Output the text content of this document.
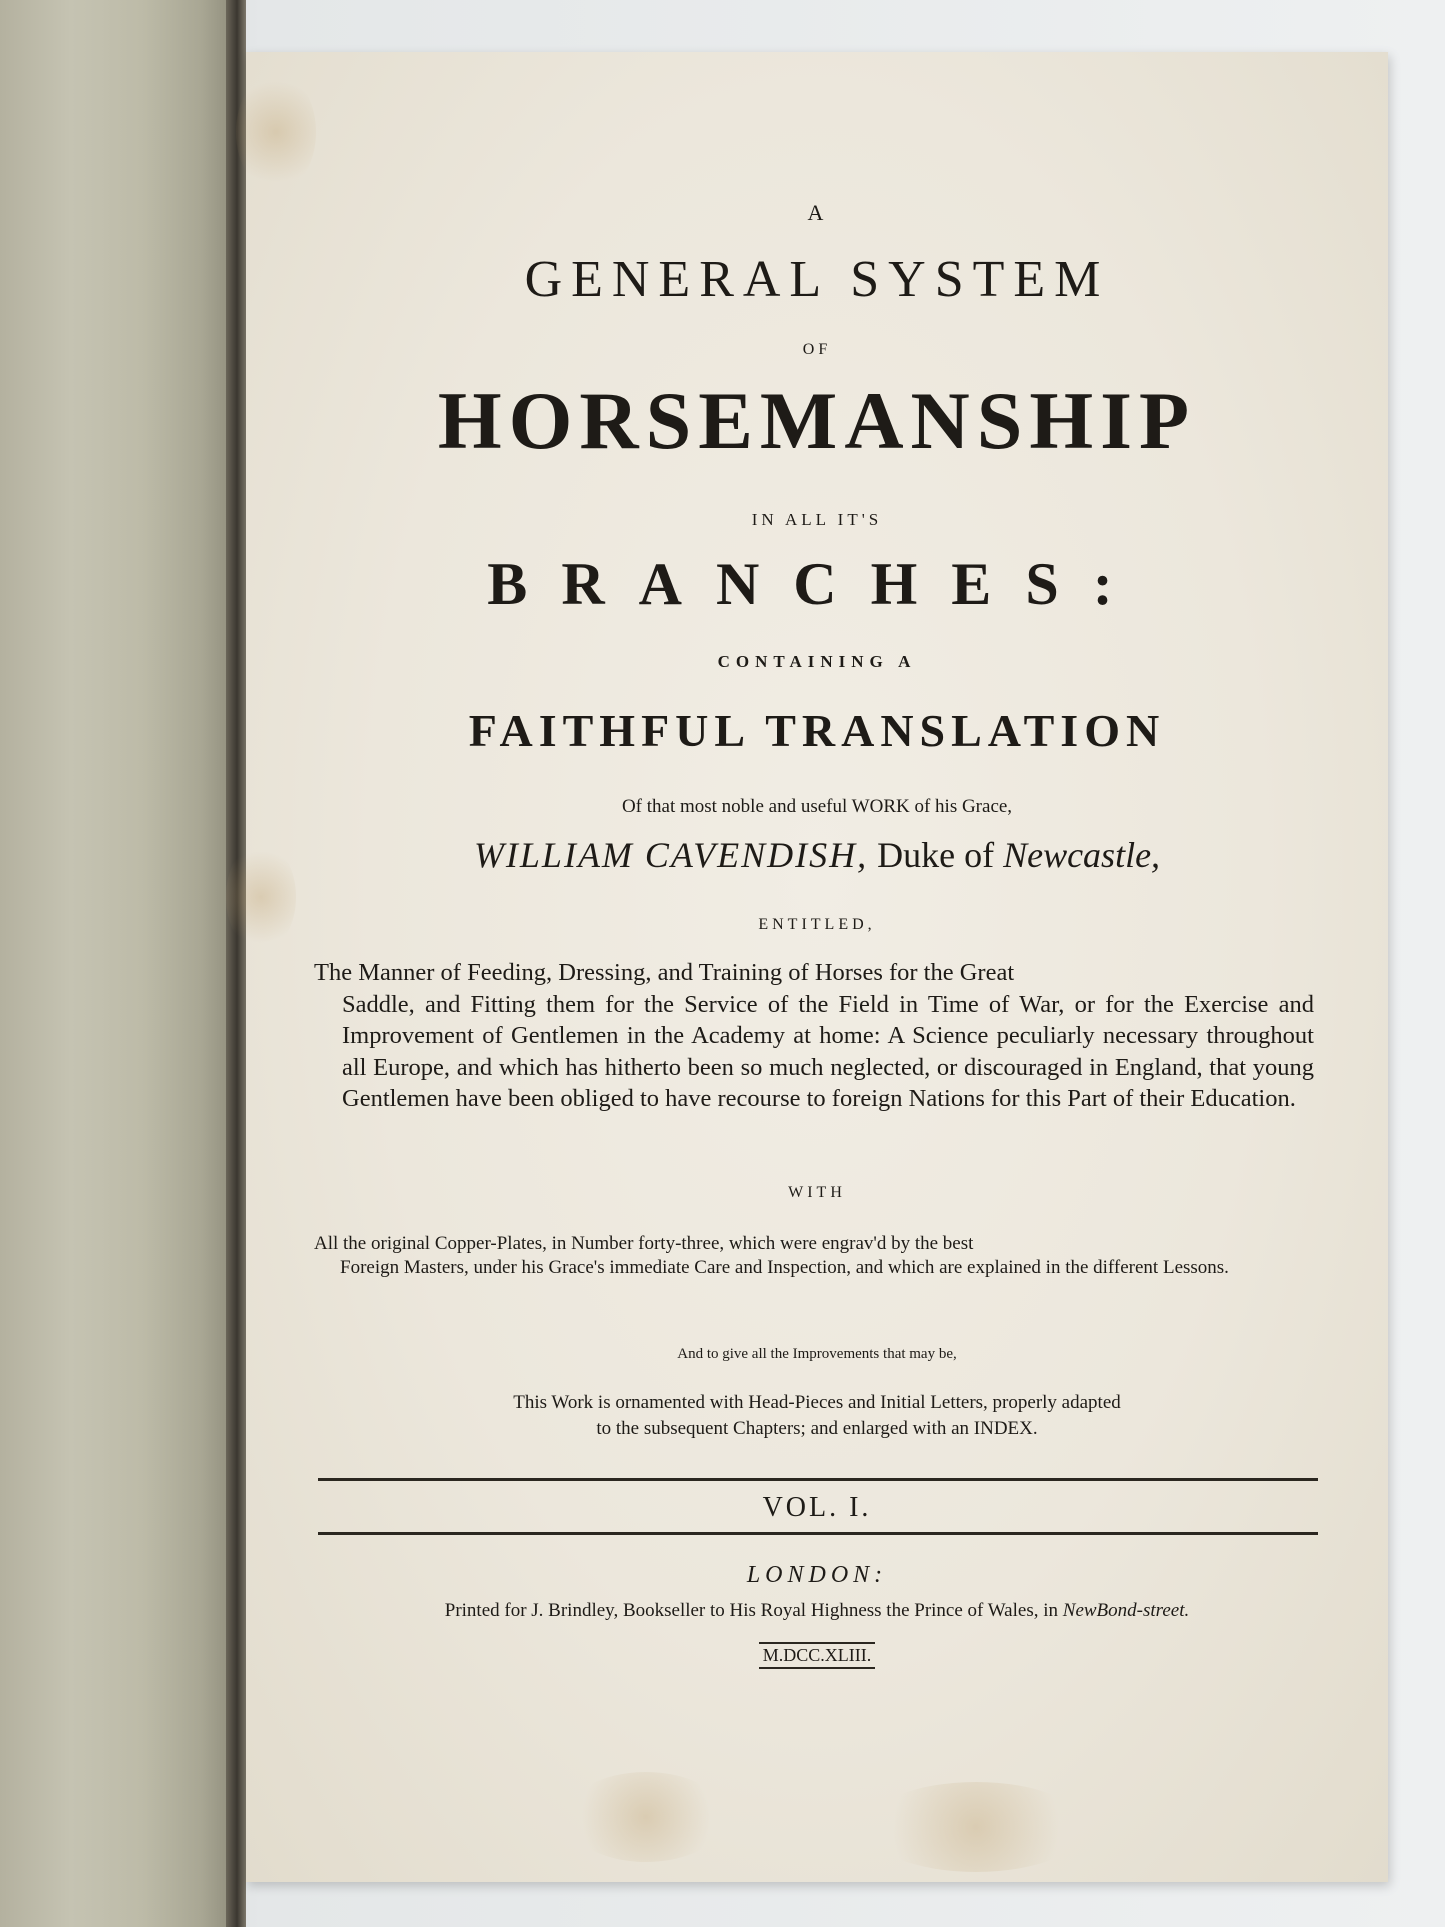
A
GENERAL SYSTEM
OF
HORSEMANSHIP
IN ALL IT'S
BRANCHES:
CONTAINING A
FAITHFUL TRANSLATION
Of that most noble and useful WORK of his Grace,
WILLIAM CAVENDISH, Duke of Newcastle,
ENTITLED,
The Manner of Feeding, Dressing, and Training of Horses for the Great
Saddle, and Fitting them for the Service of the Field in Time of War, or for the Exercise and Improvement of Gentlemen in the Academy at home: A Science peculiarly necessary throughout all Europe, and which has hitherto been so much neglected, or discouraged in England, that young Gentlemen have been obliged to have recourse to foreign Nations for this Part of their Education.
WITH
All the original Copper-Plates, in Number forty-three, which were engrav'd by the best
Foreign Masters, under his Grace's immediate Care and Inspection, and which are explained in the different Lessons.
And to give all the Improvements that may be,
This Work is ornamented with Head-Pieces and Initial Letters, properly adapted
to the subsequent Chapters; and enlarged with an INDEX.
VOL. I.
LONDON:
Printed for J. Brindley, Bookseller to His Royal Highness the Prince of Wales, in NewBond-street.
M.DCC.XLIII.
